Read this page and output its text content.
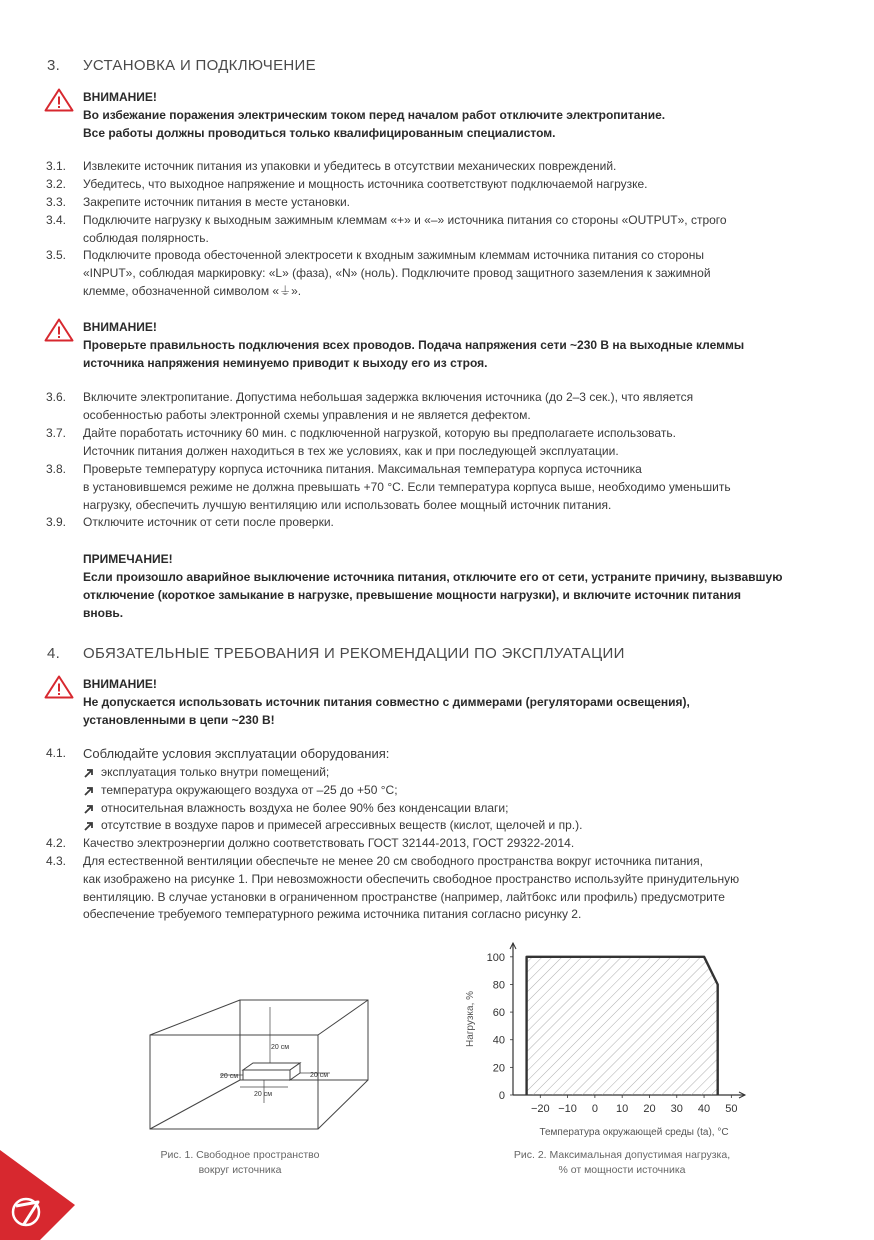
3. УСТАНОВКА И ПОДКЛЮЧЕНИЕ
ВНИМАНИЕ!
Во избежание поражения электрическим током перед началом работ отключите электропитание.
Все работы должны проводиться только квалифицированным специалистом.
3.1.	Извлеките источник питания из упаковки и убедитесь в отсутствии механических повреждений.
3.2.	Убедитесь, что выходное напряжение и мощность источника соответствуют подключаемой нагрузке.
3.3.	Закрепите источник питания в месте установки.
3.4.	Подключите нагрузку к выходным зажимным клеммам «+» и «–» источника питания со стороны «OUTPUT», строго
соблюдая полярность.
3.5.	Подключите провода обесточенной электросети к входным зажимным клеммам источника питания со стороны
«INPUT», соблюдая маркировку: «L» (фаза), «N» (ноль). Подключите провод защитного заземления к зажимной
клемме, обозначенной символом «⏚».
ВНИМАНИЕ!
Проверьте правильность подключения всех проводов. Подача напряжения сети ~230 В на выходные клеммы
источника напряжения неминуемо приводит к выходу его из строя.
3.6.	Включите электропитание. Допустима небольшая задержка включения источника (до 2–3 сек.), что является
особенностью работы электронной схемы управления и не является дефектом.
3.7.	Дайте поработать источнику 60 мин. с подключенной нагрузкой, которую вы предполагаете использовать.
Источник питания должен находиться в тех же условиях, как и при последующей эксплуатации.
3.8.	Проверьте температуру корпуса источника питания. Максимальная температура корпуса источника
в установившемся режиме не должна превышать +70 °С. Если температура корпуса выше, необходимо уменьшить
нагрузку, обеспечить лучшую вентиляцию или использовать более мощный источник питания.
3.9.	Отключите источник от сети после проверки.
ПРИМЕЧАНИЕ!
Если произошло аварийное выключение источника питания, отключите его от сети, устраните причину, вызвавшую
отключение (короткое замыкание в нагрузке, превышение мощности нагрузки), и включите источник питания
вновь.
4. ОБЯЗАТЕЛЬНЫЕ ТРЕБОВАНИЯ И РЕКОМЕНДАЦИИ ПО ЭКСПЛУАТАЦИИ
ВНИМАНИЕ!
Не допускается использовать источник питания совместно с диммерами (регуляторами освещения),
установленными в цепи ~230 В!
4.1.	Соблюдайте условия эксплуатации оборудования:
эксплуатация только внутри помещений;
температура окружающего воздуха от –25 до +50 °С;
относительная влажность воздуха не более 90% без конденсации влаги;
отсутствие в воздухе паров и примесей агрессивных веществ (кислот, щелочей и пр.).
4.2.	Качество электроэнергии должно соответствовать ГОСТ 32144-2013, ГОСТ 29322-2014.
4.3.	Для естественной вентиляции обеспечьте не менее 20 см свободного пространства вокруг источника питания,
как изображено на рисунке 1. При невозможности обеспечить свободное пространство используйте принудительную
вентиляцию. В случае установки в ограниченном пространстве (например, лайтбокс или профиль) предусмотрите
обеспечение требуемого температурного режима источника питания согласно рисунку 2.
20 см
20 см	20 см
20 см
Рис. 1. Свободное пространство
вокруг источника
−20 −10 0 10 20 30 40 50
0
20
40
60
80
100
Температура окружающей среды (ta), °C
Нагрузка, %
Рис. 2. Максимальная допустимая нагрузка,
% от мощности источника
